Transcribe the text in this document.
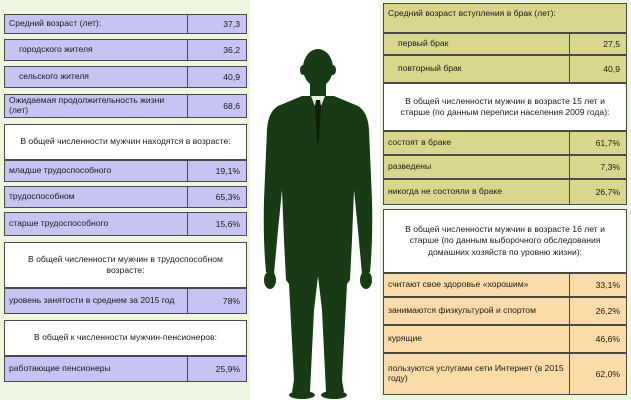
Средний возраст (лет):	37,3
городского жителя	36,2
сельского жителя	40,9
Ожидаемая продолжительность жизни (лет)	68,6
В общей численности мужчин находятся в возрасте:
младше трудоспособного	19,1%
трудоспособном	65,3%
старше трудоспособного	15,6%
В общей численности мужчин в трудоспособном возрасте:
уровень занятости в среднем за 2015 год	78%
В общей к численности мужчин-пенсионеров:
работающие пенсионеры	25,9%
Средний возраст вступления в брак (лет):
первый брак	27,5
повторный брак	40,9
В общей численности мужчин в возрасте 15 лет и старше (по данным переписи населения 2009 года):
состоят в браке	61,7%
разведены	7,3%
никогда не состояли в браке	26,7%
В общей численности мужчин в возрасте 16 лет и старше (по данным выборочного обследования домашних хозяйств по уровню жизни):
считают свое здоровье «хорошим»	33,1%
занимаются физкультурой и спортом	26,2%
курящие	46,6%
пользуются услугами сети Интернет (в 2015 году)	62,0%
